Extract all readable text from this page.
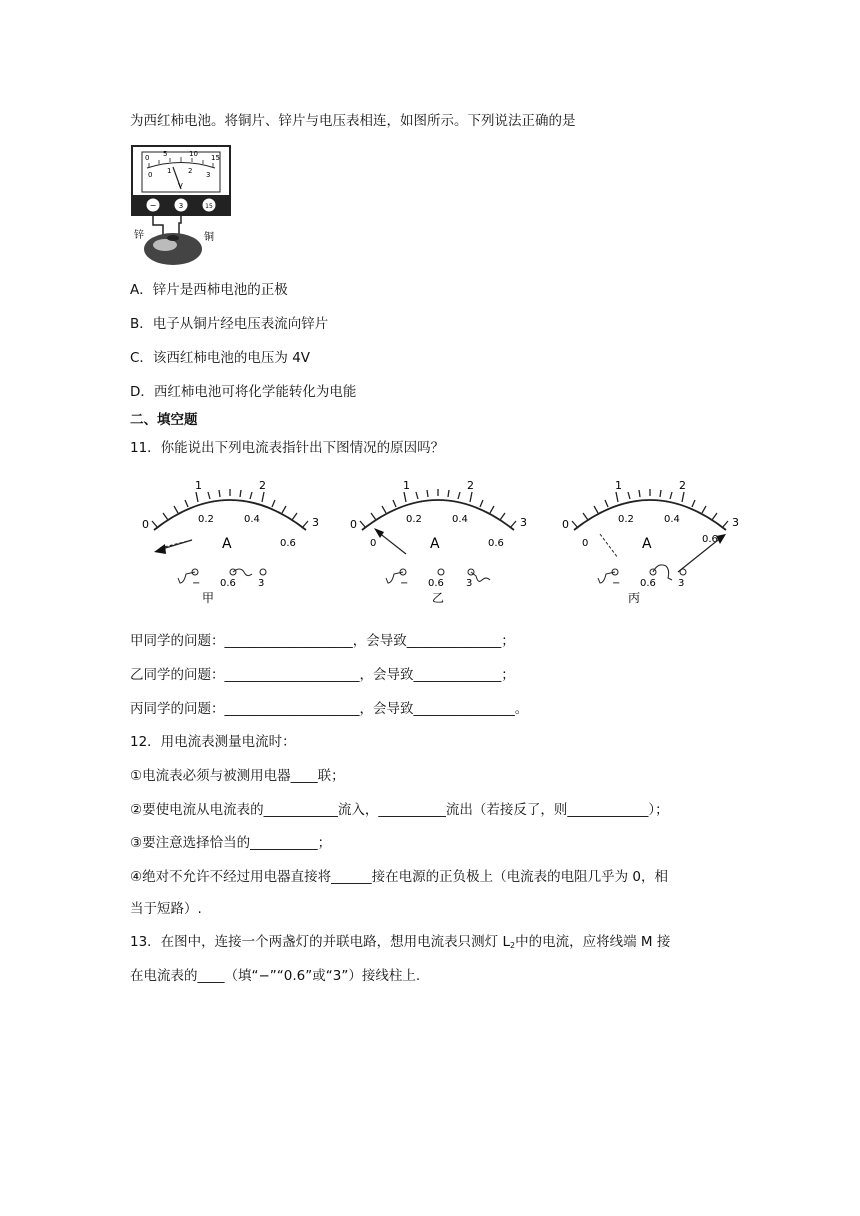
为西红柿电池。将铜片、锌片与电压表相连，如图所示。下列说法正确的是
0 5	10 15
0 1 2 3
V
−	3	15
锌	铜
A．锌片是西柿电池的正极
B．电子从铜片经电压表流向锌片
C．该西红柿电池的电压为 4V
D．西红柿电池可将化学能转化为电能
二、填空题
11．你能说出下列电流表指针出下图情况的原因吗？
0
1	2
3
0.2	0.4
0.6
A
− 0.6 3
甲
0
1	2
3
0
0.2	0.4
0.6
A
− 0.6 3
乙
0
1	2
3
0
0.2	0.4
0.6
A
− 0.6 3
丙
甲同学的问题：___________________，会导致______________；
乙同学的问题：____________________，会导致_____________；
丙同学的问题：____________________，会导致_______________。
12．用电流表测量电流时：
①电流表必须与被测用电器____联；
②要使电流从电流表的___________流入，__________流出（若接反了，则____________）；
③要注意选择恰当的__________；
④绝对不允许不经过用电器直接将______接在电源的正负极上（电流表的电阻几乎为 0，相
当于短路）.
13．在图中，连接一个两盏灯的并联电路，想用电流表只测灯 $L_2$中的电流，应将线端 M 接
在电流表的____（填“−”“0.6”或“3”）接线柱上.
